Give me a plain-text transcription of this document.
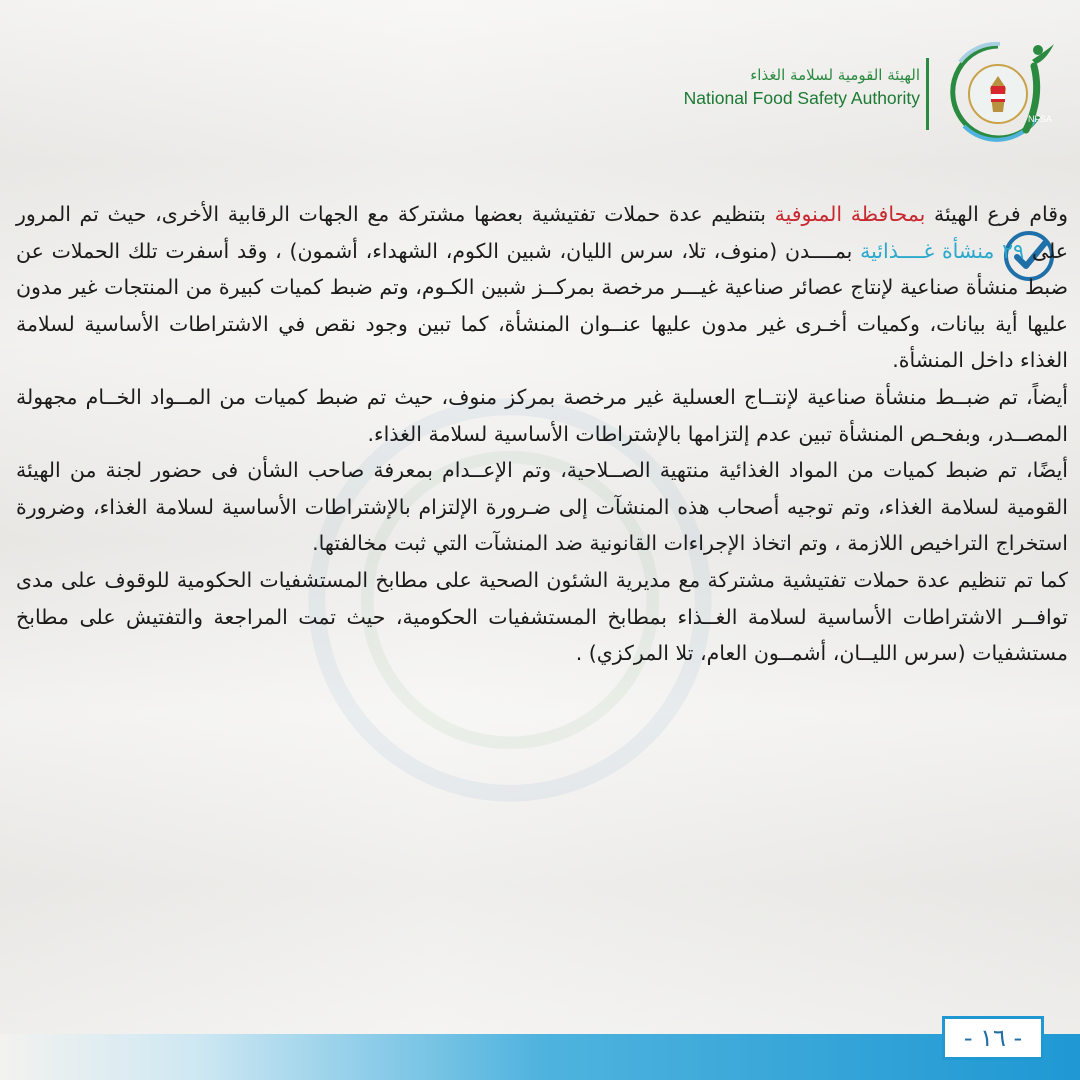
الهيئة القومية لسلامة الغذاء
National Food Safety Authority
NFSA

وقام فرع الهيئة بمحافظة المنوفية بتنظيم عدة حملات تفتيشية بعضها مشتركة مع الجهات الرقابية الأخرى، حيث تم المرور على ٢٩ منشأة غــــذائية بمــــدن (منوف، تلا، سرس الليان، شبين الكوم، الشهداء، أشمون) ، وقد أسفرت تلك الحملات عن ضبط منشأة صناعية لإنتاج عصائر صناعية غيـــر مرخصة بمركــز شبين الكـوم، وتم ضبط كميات كبيرة من المنتجات غير مدون عليها أية بيانات، وكميات أخـرى غير مدون عليها عنــوان المنشأة، كما تبين وجود نقص في الاشتراطات الأساسية لسلامة الغذاء داخل المنشأة.

أيضاً، تم ضبــط منشأة صناعية لإنتــاج العسلية غير مرخصة بمركز منوف، حيث تم ضبط كميات من المــواد الخــام مجهولة المصــدر، وبفحـص المنشأة تبين عدم إلتزامها بالإشتراطات الأساسية لسلامة الغذاء.

أيضًا، تم ضبط كميات من المواد الغذائية منتهية الصــلاحية، وتم الإعــدام بمعرفة صاحب الشأن فى حضور لجنة من الهيئة القومية لسلامة الغذاء، وتم توجيه أصحاب هذه المنشآت إلى ضـرورة الإلتزام بالإشتراطات الأساسية لسلامة الغذاء، وضرورة استخراج التراخيص اللازمة ، وتم اتخاذ الإجراءات القانونية ضد المنشآت التي ثبت مخالفتها.

كما تم تنظيم عدة حملات تفتيشية مشتركة مع مديرية الشئون الصحية على مطابخ المستشفيات الحكومية للوقوف على مدى توافــر الاشتراطات الأساسية لسلامة الغــذاء بمطابخ المستشفيات الحكومية، حيث تمت المراجعة والتفتيش على مطابخ مستشفيات (سرس الليــان، أشمــون العام، تلا المركزي) .

- ١٦ -
